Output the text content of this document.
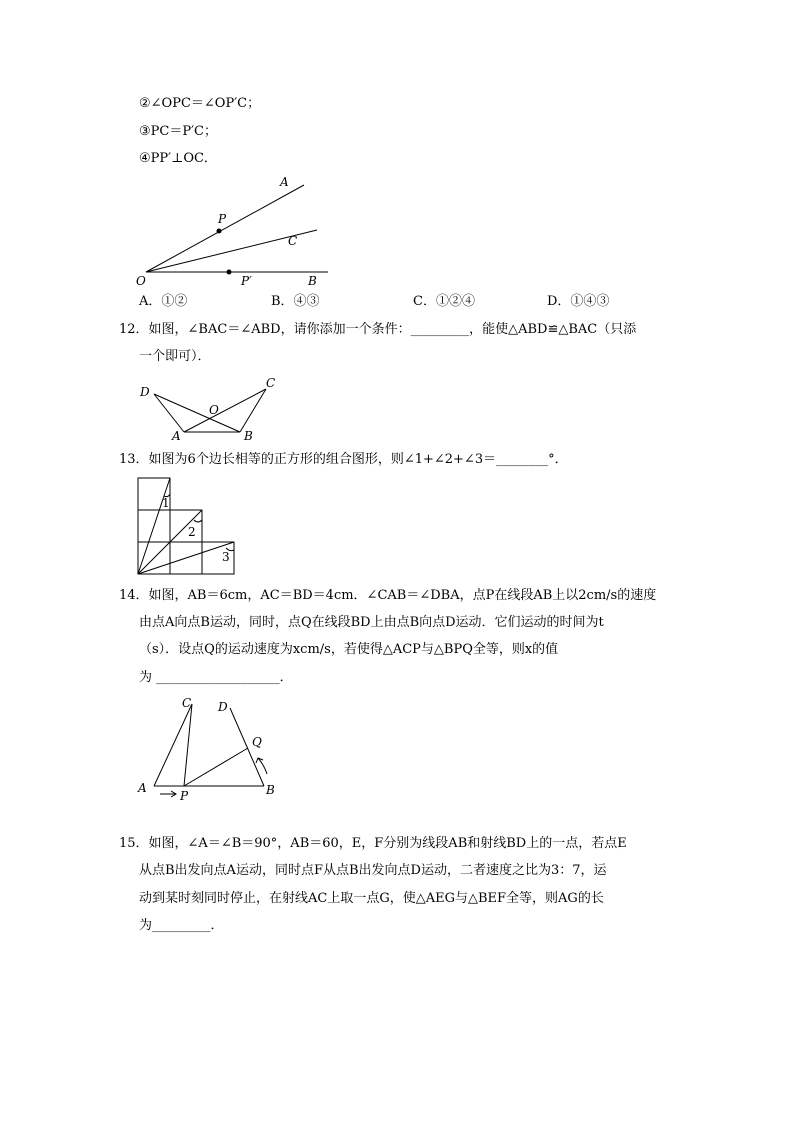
②∠OPC＝∠OP′C；
③PC＝P′C；
④PP′⊥OC．
A
P
C
O	P′	B
A．①②	B．④③	C．①②④	D．①④③
12．如图，∠BAC＝∠ABD，请你添加一个条件：_________，能使△ABD≌△BAC（只添
一个即可）．
D
C
O
A	B
13．如图为6个边长相等的正方形的组合图形，则∠1+∠2+∠3＝________°．
1
2
3
14．如图，AB＝6cm，AC＝BD＝4cm．∠CAB＝∠DBA，点P在线段AB上以2cm/s的速度
由点A向点B运动，同时，点Q在线段BD上由点B向点D运动．它们运动的时间为t
（s）．设点Q的运动速度为xcm/s，若使得△ACP与△BPQ全等，则x的值
为 ___________________．
C D
Q
A
P	B
15．如图，∠A＝∠B＝90°，AB＝60，E，F分别为线段AB和射线BD上的一点，若点E
从点B出发向点A运动，同时点F从点B出发向点D运动，二者速度之比为3：7，运
动到某时刻同时停止，在射线AC上取一点G，使△AEG与△BEF全等，则AG的长
为_________．
